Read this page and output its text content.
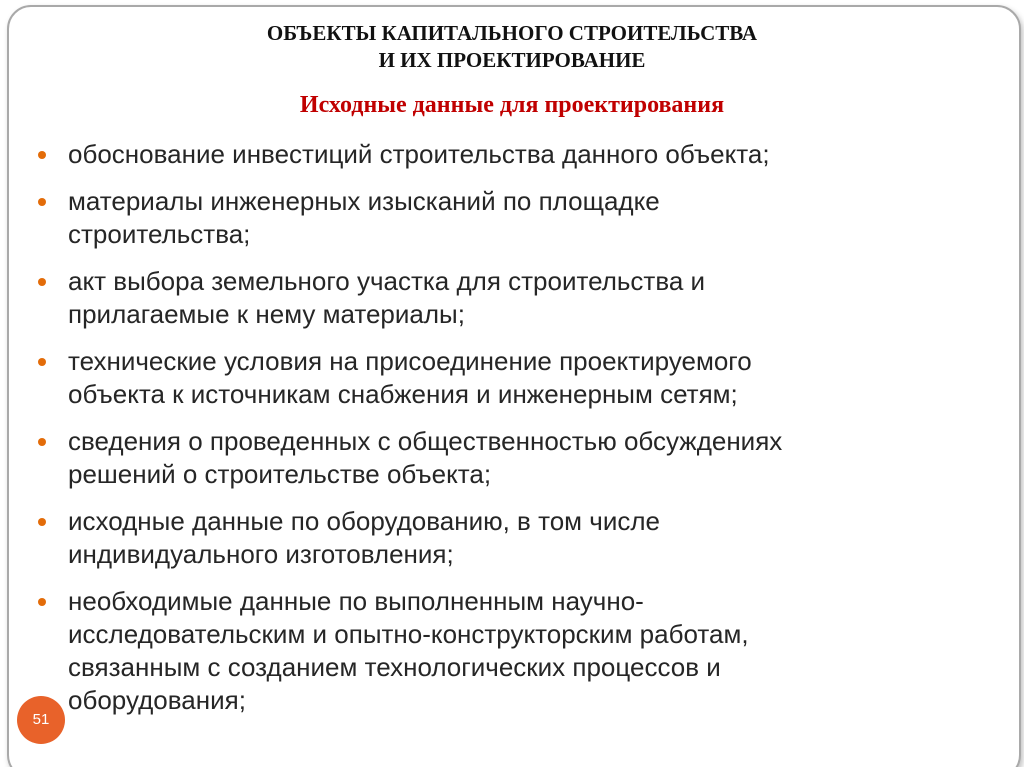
ОБЪЕКТЫ КАПИТАЛЬНОГО СТРОИТЕЛЬСТВА
И ИХ ПРОЕКТИРОВАНИЕ
Исходные данные для проектирования
обоснование инвестиций строительства данного объекта;
материалы инженерных изысканий по площадке
строительства;
акт выбора земельного участка для строительства и
прилагаемые к нему материалы;
технические условия на присоединение проектируемого
объекта к источникам снабжения и инженерным сетям;
сведения о проведенных с общественностью обсуждениях
решений о строительстве объекта;
исходные данные по оборудованию, в том числе
индивидуального изготовления;
необходимые данные по выполненным научно-
исследовательским и опытно-конструкторским работам,
связанным с созданием технологических процессов и
оборудования;
51
